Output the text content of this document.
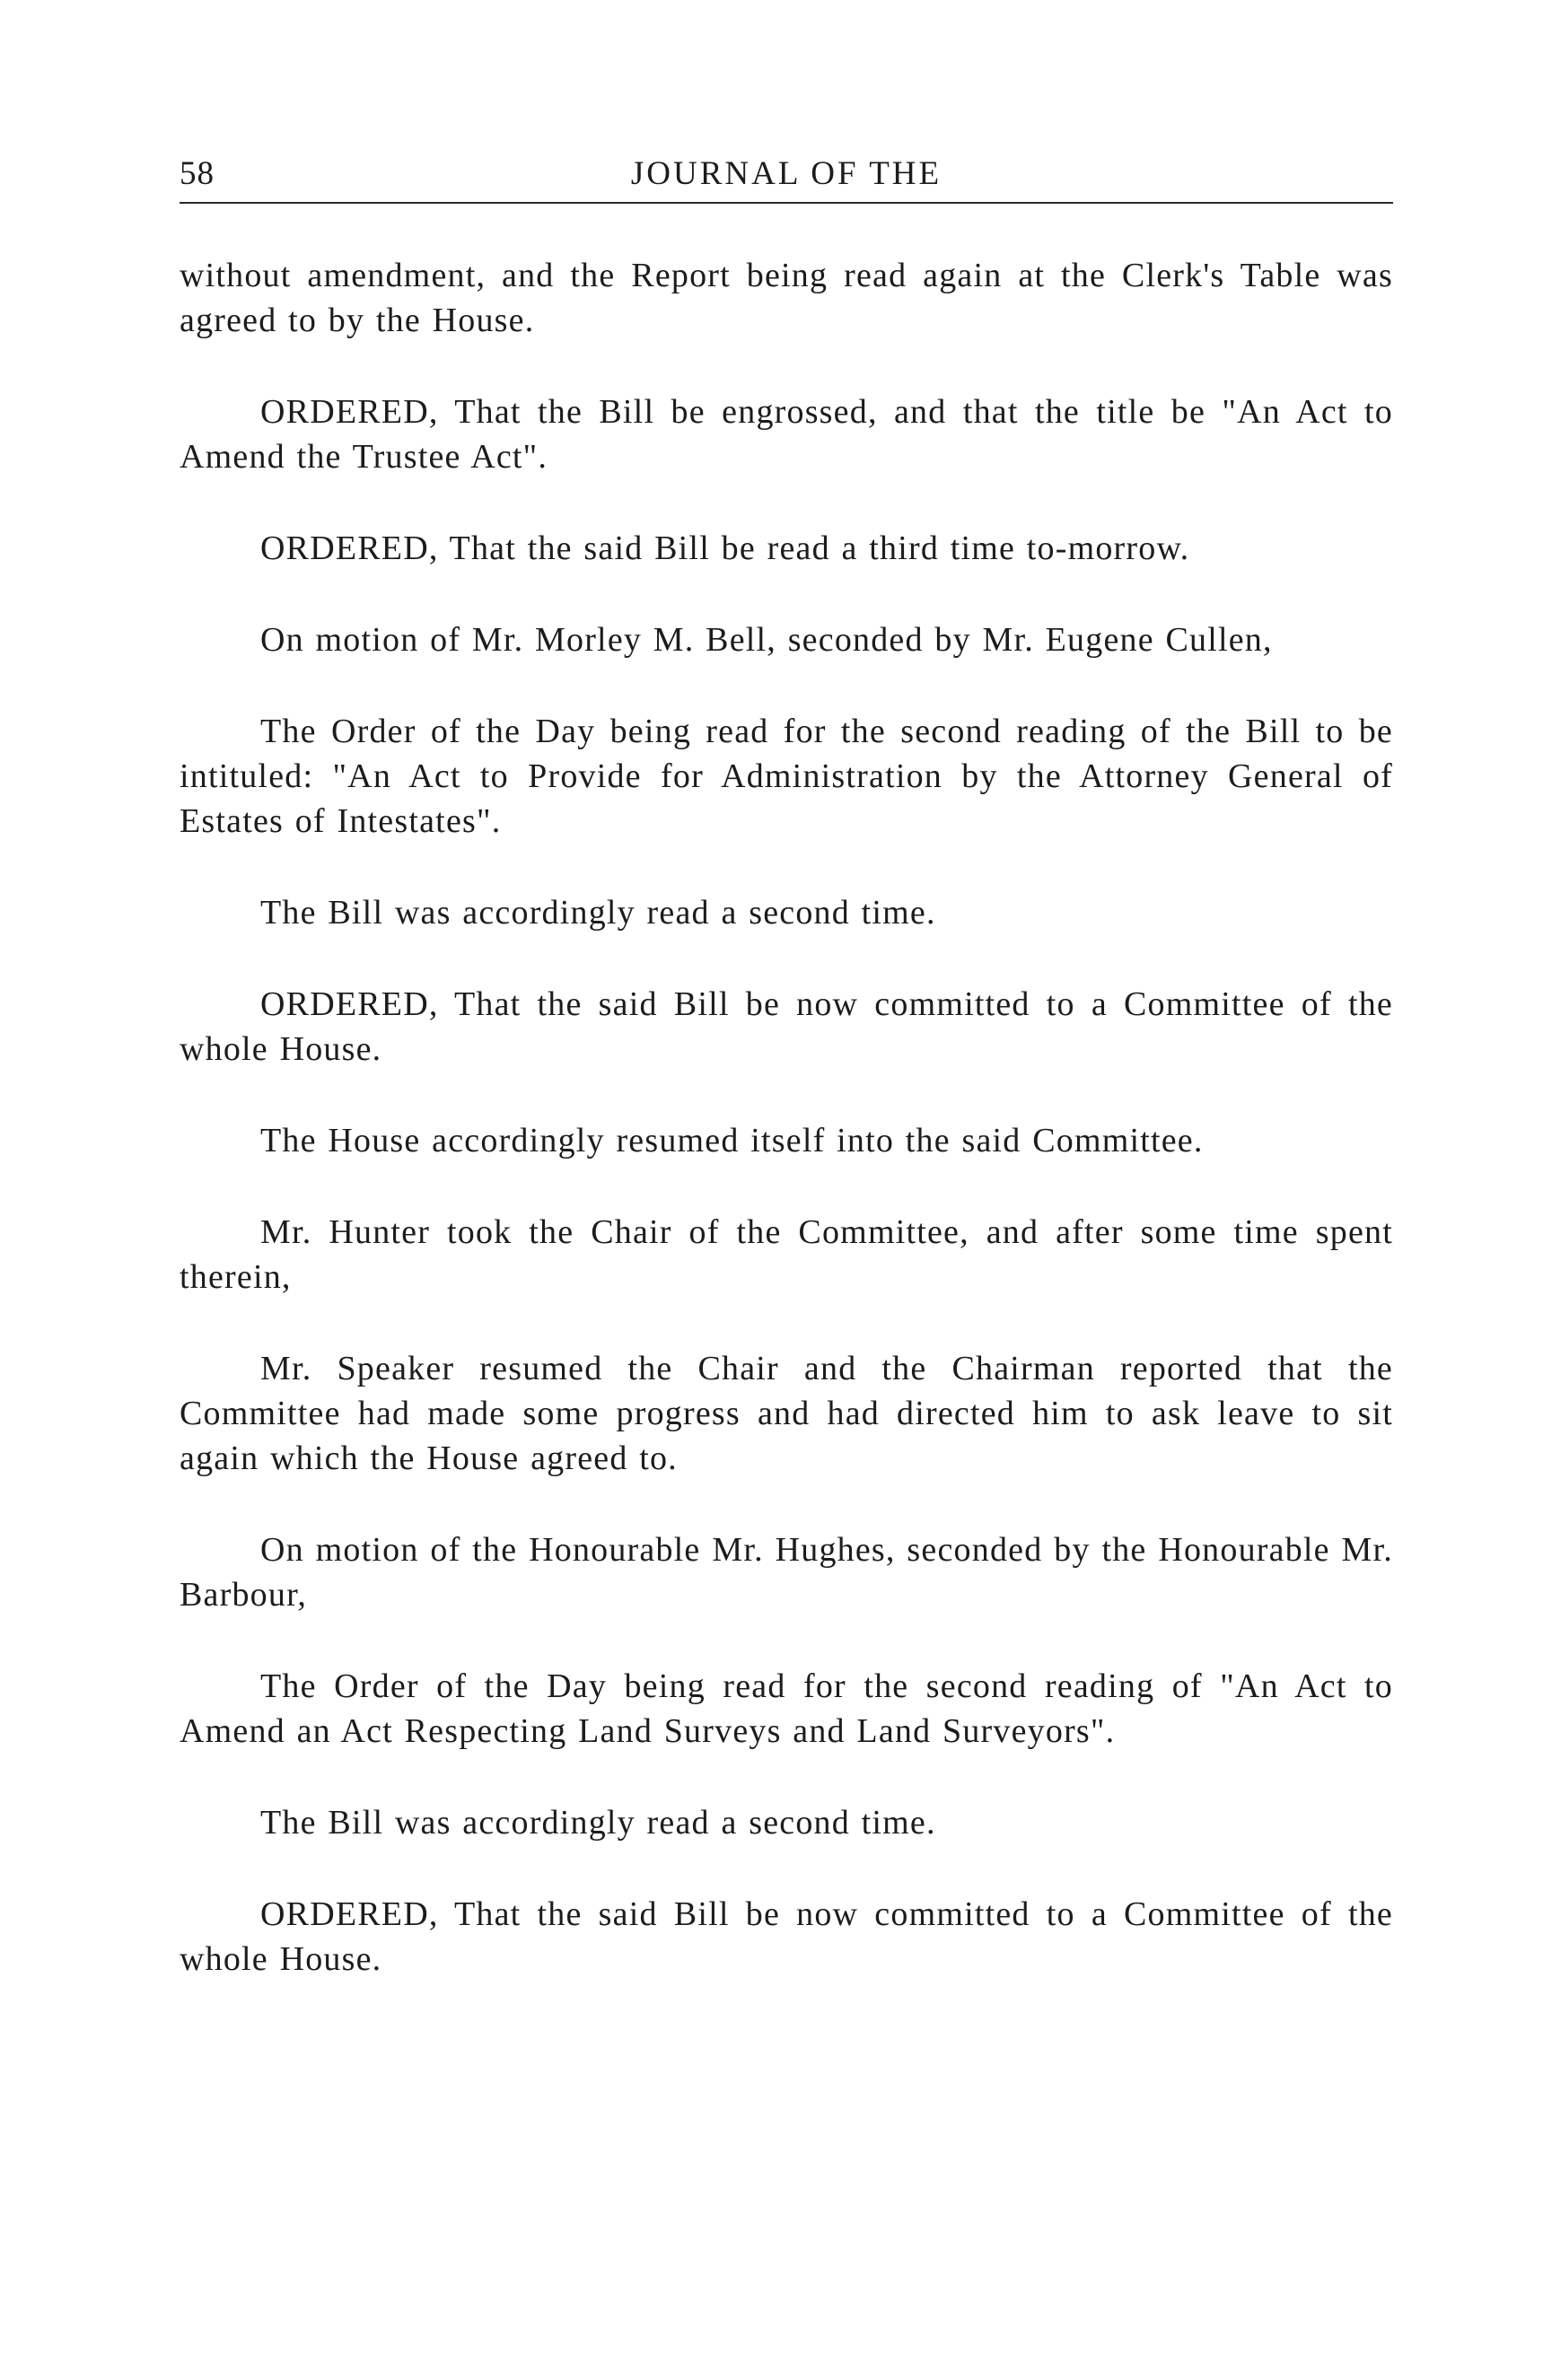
58	JOURNAL OF THE

without amendment, and the Report being read again at the Clerk's Table was agreed to by the House.

ORDERED, That the Bill be engrossed, and that the title be "An Act to Amend the Trustee Act".

ORDERED, That the said Bill be read a third time to-morrow.

On motion of Mr. Morley M. Bell, seconded by Mr. Eugene Cullen,

The Order of the Day being read for the second reading of the Bill to be intituled: "An Act to Provide for Administration by the Attorney General of Estates of Intestates".

The Bill was accordingly read a second time.

ORDERED, That the said Bill be now committed to a Committee of the whole House.

The House accordingly resumed itself into the said Committee.

Mr. Hunter took the Chair of the Committee, and after some time spent therein,

Mr. Speaker resumed the Chair and the Chairman reported that the Committee had made some progress and had directed him to ask leave to sit again which the House agreed to.

On motion of the Honourable Mr. Hughes, seconded by the Honourable Mr. Barbour,

The Order of the Day being read for the second reading of "An Act to Amend an Act Respecting Land Surveys and Land Surveyors".

The Bill was accordingly read a second time.

ORDERED, That the said Bill be now committed to a Committee of the whole House.
